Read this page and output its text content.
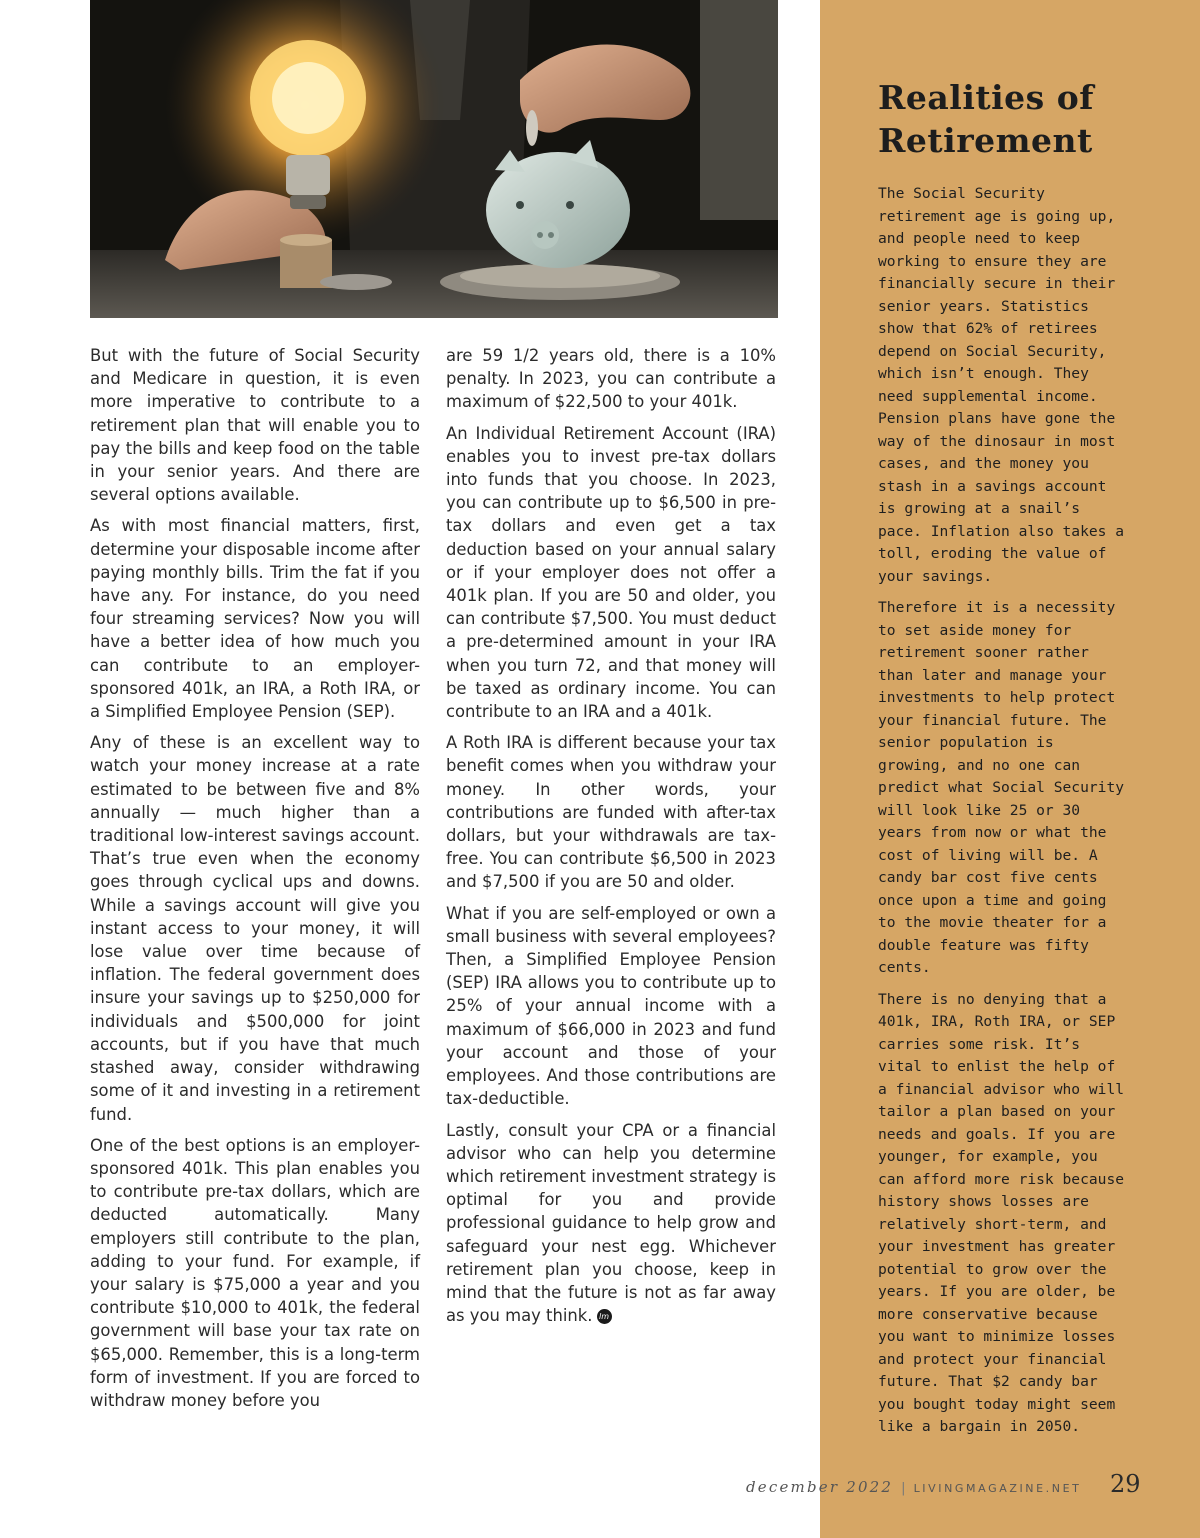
But with the future of Social Security and Medicare in question, it is even more imperative to contribute to a retirement plan that will enable you to pay the bills and keep food on the table in your senior years. And there are several options available.

As with most financial matters, first, determine your disposable income after paying monthly bills. Trim the fat if you have any. For instance, do you need four streaming services? Now you will have a better idea of how much you can contribute to an employer-sponsored 401k, an IRA, a Roth IRA, or a Simplified Employee Pension (SEP).

Any of these is an excellent way to watch your money increase at a rate estimated to be between five and 8% annually — much higher than a traditional low-interest savings account. That’s true even when the economy goes through cyclical ups and downs. While a savings account will give you instant access to your money, it will lose value over time because of inflation. The federal government does insure your savings up to $250,000 for individuals and $500,000 for joint accounts, but if you have that much stashed away, consider withdrawing some of it and investing in a retirement fund.

One of the best options is an employer-sponsored 401k. This plan enables you to contribute pre-tax dollars, which are deducted automatically. Many employers still contribute to the plan, adding to your fund. For example, if your salary is $75,000 a year and you contribute $10,000 to 401k, the federal government will base your tax rate on $65,000. Remember, this is a long-term form of investment. If you are forced to withdraw money before you

are 59 1/2 years old, there is a 10% penalty. In 2023, you can contribute a maximum of $22,500 to your 401k.

An Individual Retirement Account (IRA) enables you to invest pre-tax dollars into funds that you choose. In 2023, you can contribute up to $6,500 in pre-tax dollars and even get a tax deduction based on your annual salary or if your employer does not offer a 401k plan. If you are 50 and older, you can contribute $7,500. You must deduct a pre-determined amount in your IRA when you turn 72, and that money will be taxed as ordinary income. You can contribute to an IRA and a 401k.

A Roth IRA is different because your tax benefit comes when you withdraw your money. In other words, your contributions are funded with after-tax dollars, but your withdrawals are tax-free. You can contribute $6,500 in 2023 and $7,500 if you are 50 and older.

What if you are self-employed or own a small business with several employees? Then, a Simplified Employee Pension (SEP) IRA allows you to contribute up to 25% of your annual income with a maximum of $66,000 in 2023 and fund your account and those of your employees. And those contributions are tax-deductible.

Lastly, consult your CPA or a financial advisor who can help you determine which retirement investment strategy is optimal for you and provide professional guidance to help grow and safeguard your nest egg. Whichever retirement plan you choose, keep in mind that the future is not as far away as you may think. lm

Realities of Retirement

The Social Security retirement age is going up, and people need to keep working to ensure they are financially secure in their senior years. Statistics show that 62% of retirees depend on Social Security, which isn’t enough. They need supplemental income. Pension plans have gone the way of the dinosaur in most cases, and the money you stash in a savings account is growing at a snail’s pace. Inflation also takes a toll, eroding the value of your savings.

Therefore it is a necessity to set aside money for retirement sooner rather than later and manage your investments to help protect your financial future. The senior population is growing, and no one can predict what Social Security will look like 25 or 30 years from now or what the cost of living will be. A candy bar cost five cents once upon a time and going to the movie theater for a double feature was fifty cents.

There is no denying that a 401k, IRA, Roth IRA, or SEP carries some risk. It’s vital to enlist the help of a financial advisor who will tailor a plan based on your needs and goals. If you are younger, for example, you can afford more risk because history shows losses are relatively short-term, and your investment has greater potential to grow over the years. If you are older, be more conservative because you want to minimize losses and protect your financial future. That $2 candy bar you bought today might seem like a bargain in 2050.

december 2022 | LIVINGMAGAZINE.NET 29
